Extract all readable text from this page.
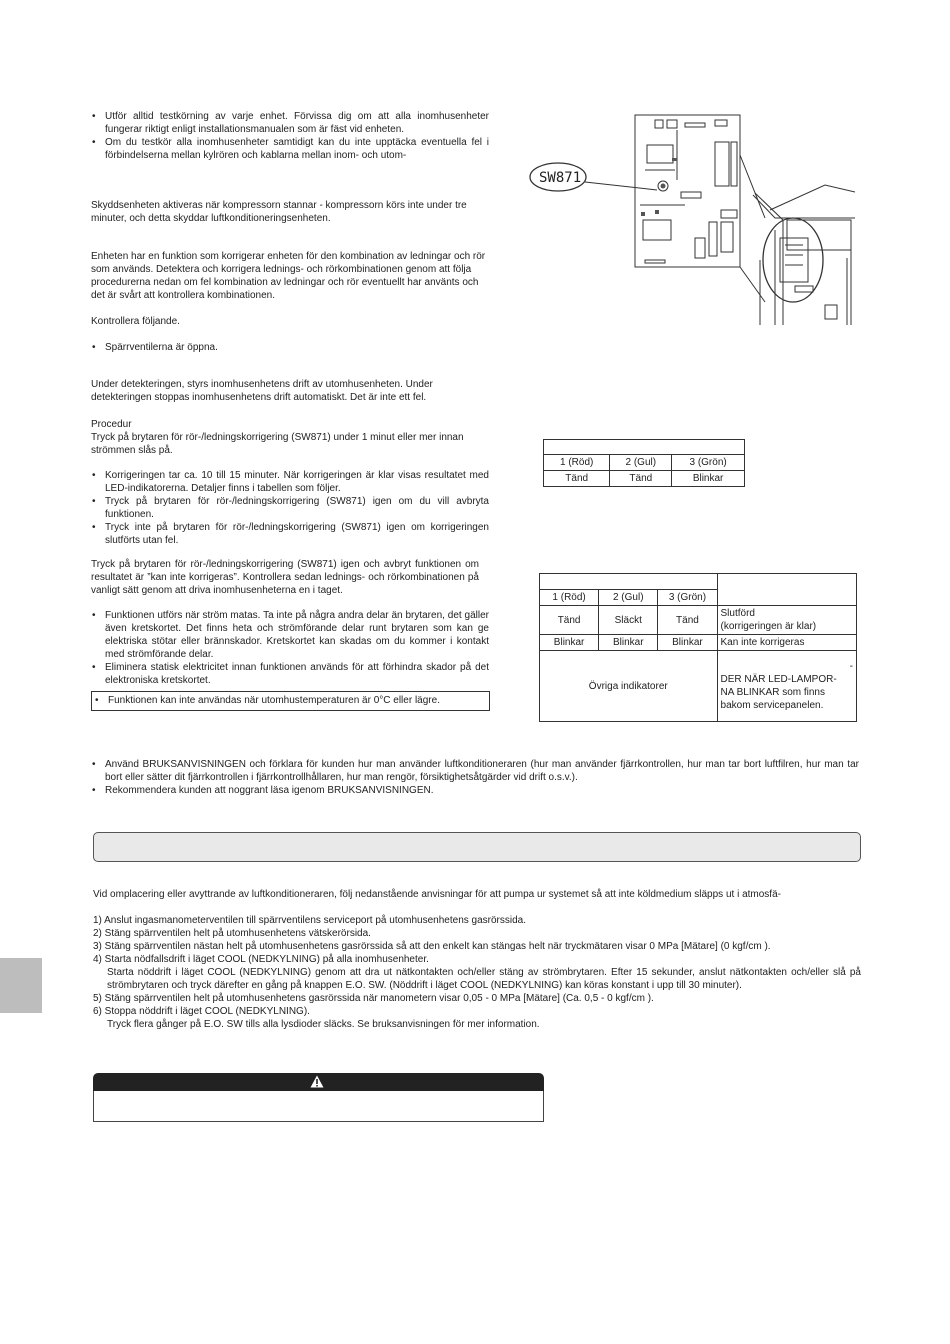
• Utför alltid testkörning av varje enhet. Förvissa dig om att alla inomhusenheter fungerar riktigt enligt installationsmanualen som är fäst vid enheten.
• Om du testkör alla inomhusenheter samtidigt kan du inte upptäcka eventuella fel i förbindelserna mellan kylrören och kablarna mellan inom- och utom-
Skyddsenheten aktiveras när kompressorn stannar - kompressorn körs inte under tre minuter, och detta skyddar luftkonditioneringsenheten.
Enheten har en funktion som korrigerar enheten för den kombination av ledningar och rör som används. Detektera och korrigera lednings- och rörkombinationen genom att följa procedurerna nedan om fel kombination av ledningar och rör eventuellt har använts och det är svårt att kontrollera kombinationen.
Kontrollera följande.
• Spärrventilerna är öppna.
Under detekteringen, styrs inomhusenhetens drift av utomhusenheten. Under detekteringen stoppas inomhusenhetens drift automatiskt. Det är inte ett fel.
Procedur
Tryck på brytaren för rör-/ledningskorrigering (SW871) under 1 minut eller mer innan strömmen slås på.
• Korrigeringen tar ca. 10 till 15 minuter. När korrigeringen är klar visas resultatet med LED-indikatorerna. Detaljer finns i tabellen som följer.
• Tryck på brytaren för rör-/ledningskorrigering (SW871) igen om du vill avbryta funktionen.
• Tryck inte på brytaren för rör-/ledningskorrigering (SW871) igen om korrigeringen slutförts utan fel.
Tryck på brytaren för rör-/ledningskorrigering (SW871) igen och avbryt funktionen om resultatet är ”kan inte korrigeras”. Kontrollera sedan lednings- och rörkombinationen på vanligt sätt genom att driva inomhusenheterna en i taget.
• Funktionen utförs när ström matas. Ta inte på några andra delar än brytaren, det gäller även kretskortet. Det finns heta och strömförande delar runt brytaren som kan ge elektriska stötar eller brännskador. Kretskortet kan skadas om du kommer i kontakt med strömförande delar.
• Eliminera statisk elektricitet innan funktionen används för att förhindra skador på det elektroniska kretskortet.
• Funktionen kan inte användas när utomhustemperaturen är 0°C eller lägre.
SW871

1 (Röd)	2 (Gul)	3 (Grön)
Tänd	Tänd	Blinkar

1 (Röd)	2 (Gul)	3 (Grön)	
Tänd	Släckt	Tänd	Slutförd
(korrigeringen är klar)

Blinkar	Blinkar	Blinkar	Kan inte korrigeras
Övriga indikatorer			-
DER NÄR LED-LAMPOR-
NA BLINKAR som finns
bakom servicepanelen.
• Använd BRUKSANVISNINGEN och förklara för kunden hur man använder luftkonditioneraren (hur man använder fjärrkontrollen, hur man tar bort luftfilren, hur man tar bort eller sätter dit fjärrkontrollen i fjärrkontrollhållaren, hur man rengör, försiktighetsåtgärder vid drift o.s.v.).
• Rekommendera kunden att noggrant läsa igenom BRUKSANVISNINGEN.
Vid omplacering eller avyttrande av luftkonditioneraren, följ nedanstående anvisningar för att pumpa ur systemet så att inte köldmedium släpps ut i atmosfä-
1) Anslut ingasmanometerventilen till spärrventilens serviceport på utomhusenhetens gasrörssida.
2) Stäng spärrventilen helt på utomhusenhetens vätskerörsida.
3) Stäng spärrventilen nästan helt på utomhusenhetens gasrörssida så att den enkelt kan stängas helt när tryckmätaren visar 0 MPa [Mätare] (0 kgf/cm ).
4) Starta nödfallsdrift i läget COOL (NEDKYLNING) på alla inomhusenheter.
Starta nöddrift i läget COOL (NEDKYLNING) genom att dra ut nätkontakten och/eller stäng av strömbrytaren. Efter 15 sekunder, anslut nätkontakten och/eller slå på strömbrytaren och tryck därefter en gång på knappen E.O. SW. (Nöddrift i läget COOL (NEDKYLNING) kan köras konstant i upp till 30 minuter).
5) Stäng spärrventilen helt på utomhusenhetens gasrörssida när manometern visar 0,05 - 0 MPa [Mätare] (Ca. 0,5 - 0 kgf/cm ).
6) Stoppa nöddrift i läget COOL (NEDKYLNING).
Tryck flera gånger på E.O. SW tills alla lysdioder släcks. Se bruksanvisningen för mer information.
